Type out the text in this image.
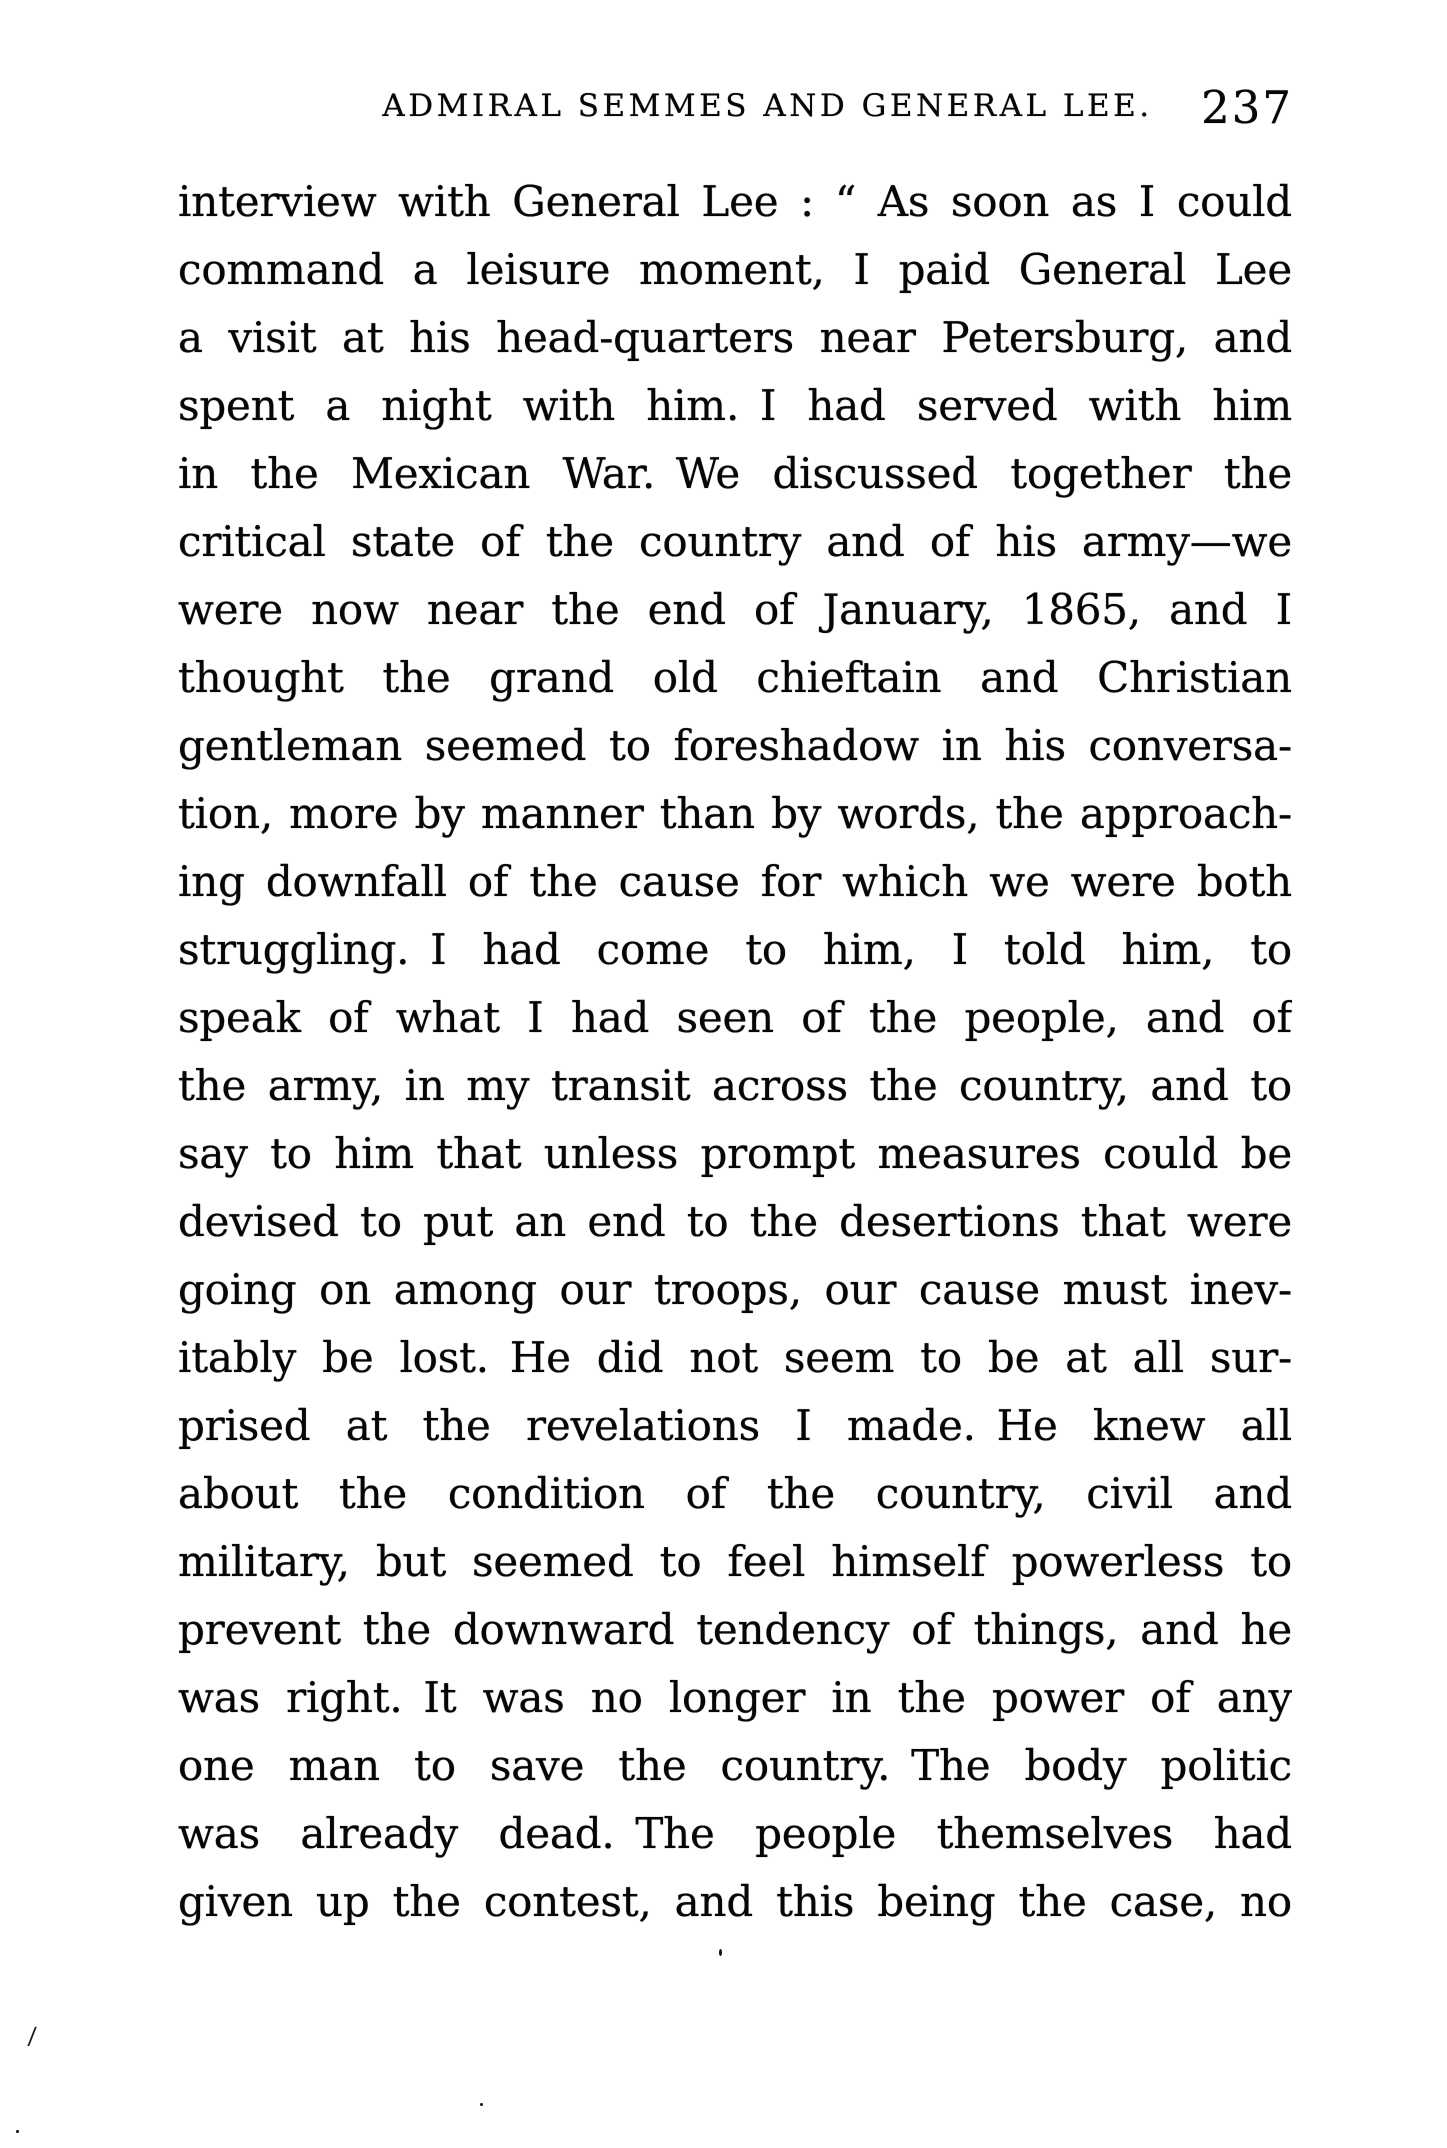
ADMIRAL SEMMES AND GENERAL LEE. 237
interview with General Lee : “ As soon as I could
command a leisure moment, I paid General Lee
a visit at his head-quarters near Petersburg, and
spent a night with him. I had served with him
in the Mexican War. We discussed together the
critical state of the country and of his army—we
were now near the end of January, 1865, and I
thought the grand old chieftain and Christian
gentleman seemed to foreshadow in his conversa-
tion, more by manner than by words, the approach-
ing downfall of the cause for which we were both
struggling. I had come to him, I told him, to
speak of what I had seen of the people, and of
the army, in my transit across the country, and to
say to him that unless prompt measures could be
devised to put an end to the desertions that were
going on among our troops, our cause must inev-
itably be lost. He did not seem to be at all sur-
prised at the revelations I made. He knew all
about the condition of the country, civil and
military, but seemed to feel himself powerless to
prevent the downward tendency of things, and he
was right. It was no longer in the power of any
one man to save the country. The body politic
was already dead. The people themselves had
given up the contest, and this being the case, no
/
